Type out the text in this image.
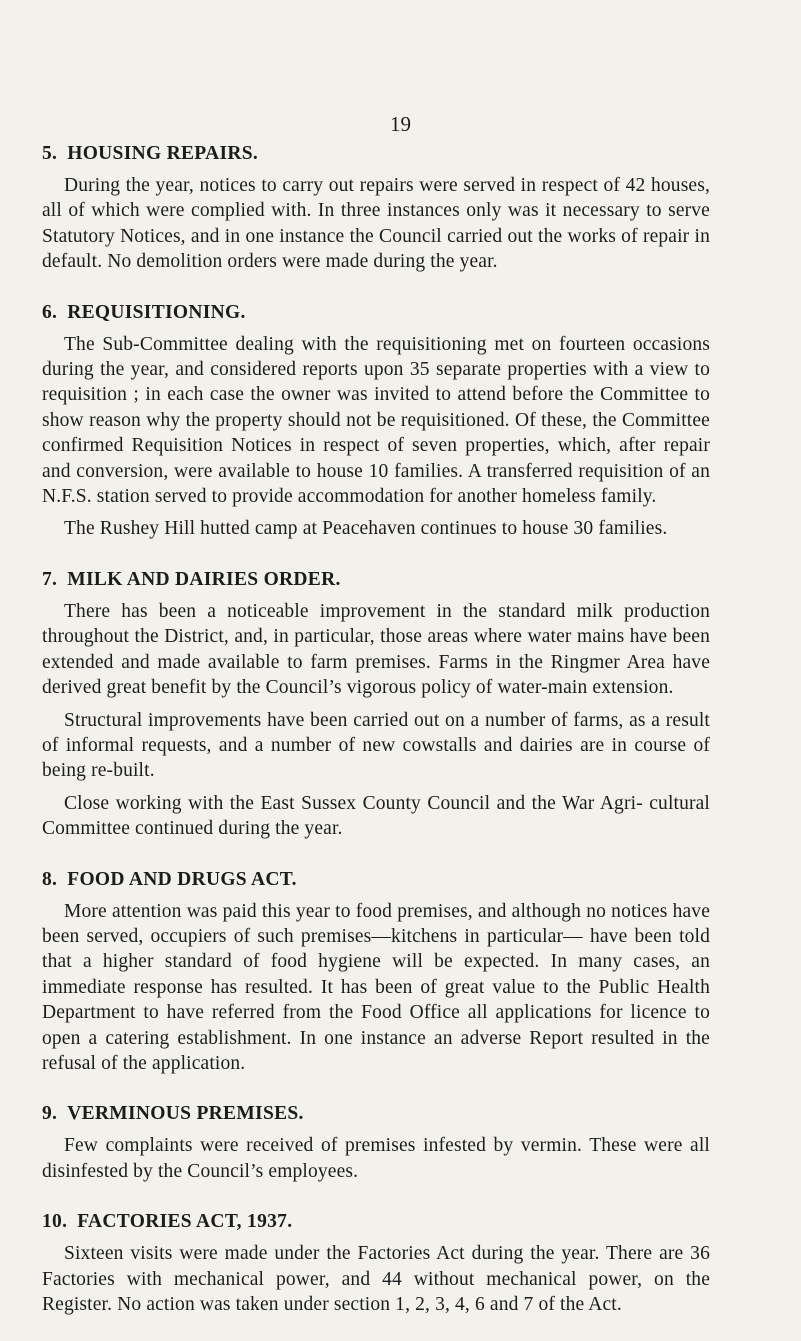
19
5. HOUSING REPAIRS.

During the year, notices to carry out repairs were served in respect of 42 houses, all of which were complied with. In three instances only was it necessary to serve Statutory Notices, and in one instance the Council carried out the works of repair in default. No demolition orders were made during the year.

6. REQUISITIONING.

The Sub-Committee dealing with the requisitioning met on fourteen occasions during the year, and considered reports upon 35 separate properties with a view to requisition ; in each case the owner was invited to attend before the Committee to show reason why the property should not be requisitioned. Of these, the Committee confirmed Requisition Notices in respect of seven properties, which, after repair and conversion, were available to house 10 families. A transferred requisition of an N.F.S. station served to provide accommodation for another homeless family.

The Rushey Hill hutted camp at Peacehaven continues to house 30 families.

7. MILK AND DAIRIES ORDER.

There has been a noticeable improvement in the standard milk production throughout the District, and, in particular, those areas where water mains have been extended and made available to farm premises. Farms in the Ringmer Area have derived great benefit by the Council’s vigorous policy of water-main extension.

Structural improvements have been carried out on a number of farms, as a result of informal requests, and a number of new cowstalls and dairies are in course of being re-built.

Close working with the East Sussex County Council and the War Agri- cultural Committee continued during the year.

8. FOOD AND DRUGS ACT.

More attention was paid this year to food premises, and although no notices have been served, occupiers of such premises—kitchens in particular— have been told that a higher standard of food hygiene will be expected. In many cases, an immediate response has resulted. It has been of great value to the Public Health Department to have referred from the Food Office all applications for licence to open a catering establishment. In one instance an adverse Report resulted in the refusal of the application.

9. VERMINOUS PREMISES.

Few complaints were received of premises infested by vermin. These were all disinfested by the Council’s employees.

10. FACTORIES ACT, 1937.

Sixteen visits were made under the Factories Act during the year. There are 36 Factories with mechanical power, and 44 without mechanical power, on the Register. No action was taken under section 1, 2, 3, 4, 6 and 7 of the Act.
